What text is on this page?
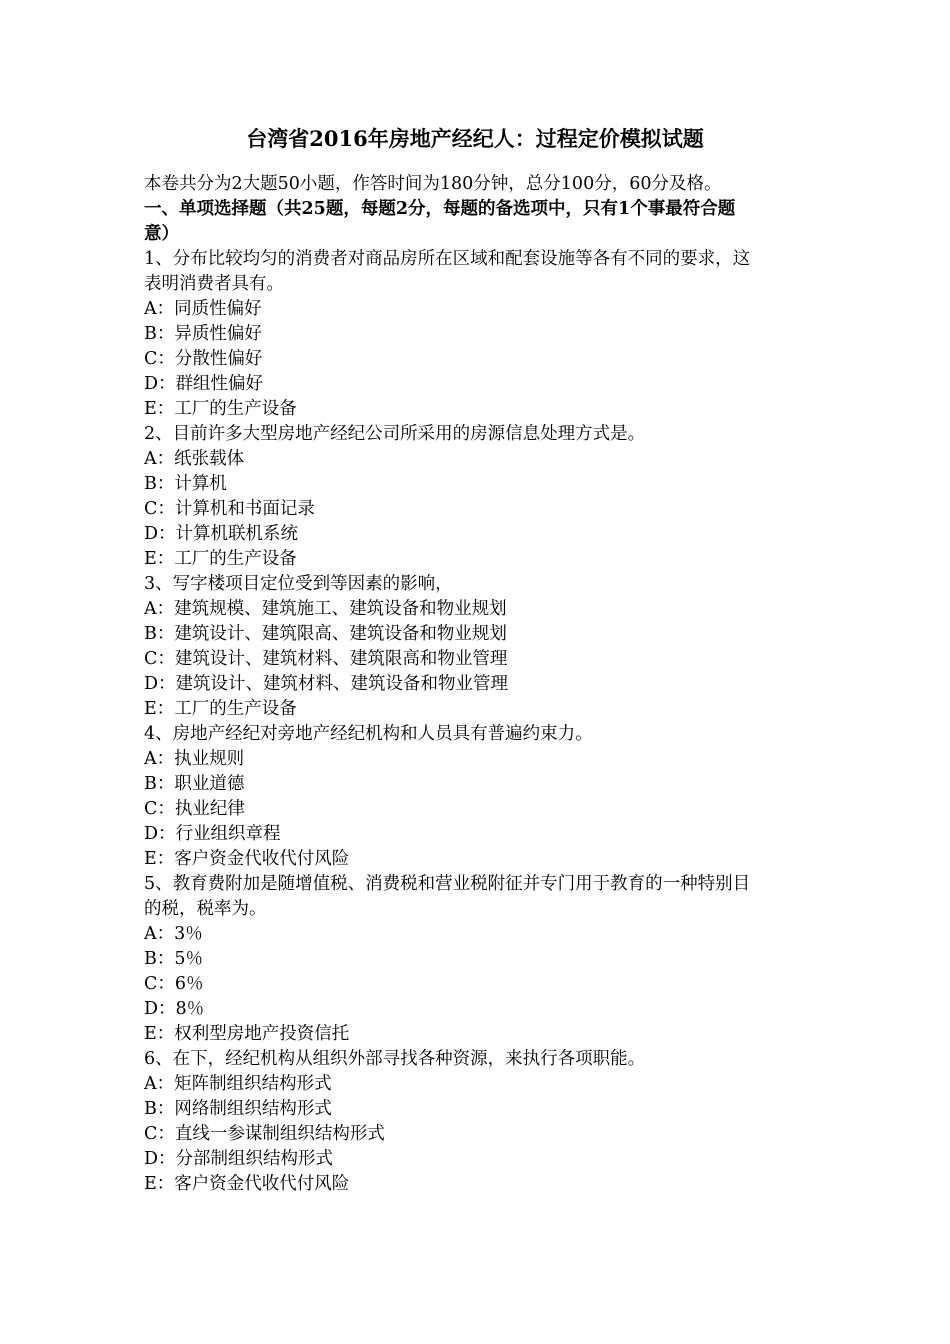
台湾省2016年房地产经纪人：过程定价模拟试题
本卷共分为2大题50小题，作答时间为180分钟，总分100分，60分及格。
一、单项选择题（共25题，每题2分，每题的备选项中，只有1个事最符合题
意）
1、分布比较均匀的消费者对商品房所在区域和配套设施等各有不同的要求，这
表明消费者具有。
A：同质性偏好
B：异质性偏好
C：分散性偏好
D：群组性偏好
E：工厂的生产设备
2、目前许多大型房地产经纪公司所采用的房源信息处理方式是。
A：纸张载体
B：计算机
C：计算机和书面记录
D：计算机联机系统
E：工厂的生产设备
3、写字楼项目定位受到等因素的影响，
A：建筑规模、建筑施工、建筑设备和物业规划
B：建筑设计、建筑限高、建筑设备和物业规划
C：建筑设计、建筑材料、建筑限高和物业管理
D：建筑设计、建筑材料、建筑设备和物业管理
E：工厂的生产设备
4、房地产经纪对旁地产经纪机构和人员具有普遍约束力。
A：执业规则
B：职业道德
C：执业纪律
D：行业组织章程
E：客户资金代收代付风险
5、教育费附加是随增值税、消费税和营业税附征并专门用于教育的一种特别目
的税，税率为。
A：3％
B：5％
C：6％
D：8％
E：权利型房地产投资信托
6、在下，经纪机构从组织外部寻找各种资源，来执行各项职能。
A：矩阵制组织结构形式
B：网络制组织结构形式
C：直线一参谋制组织结构形式
D：分部制组织结构形式
E：客户资金代收代付风险
